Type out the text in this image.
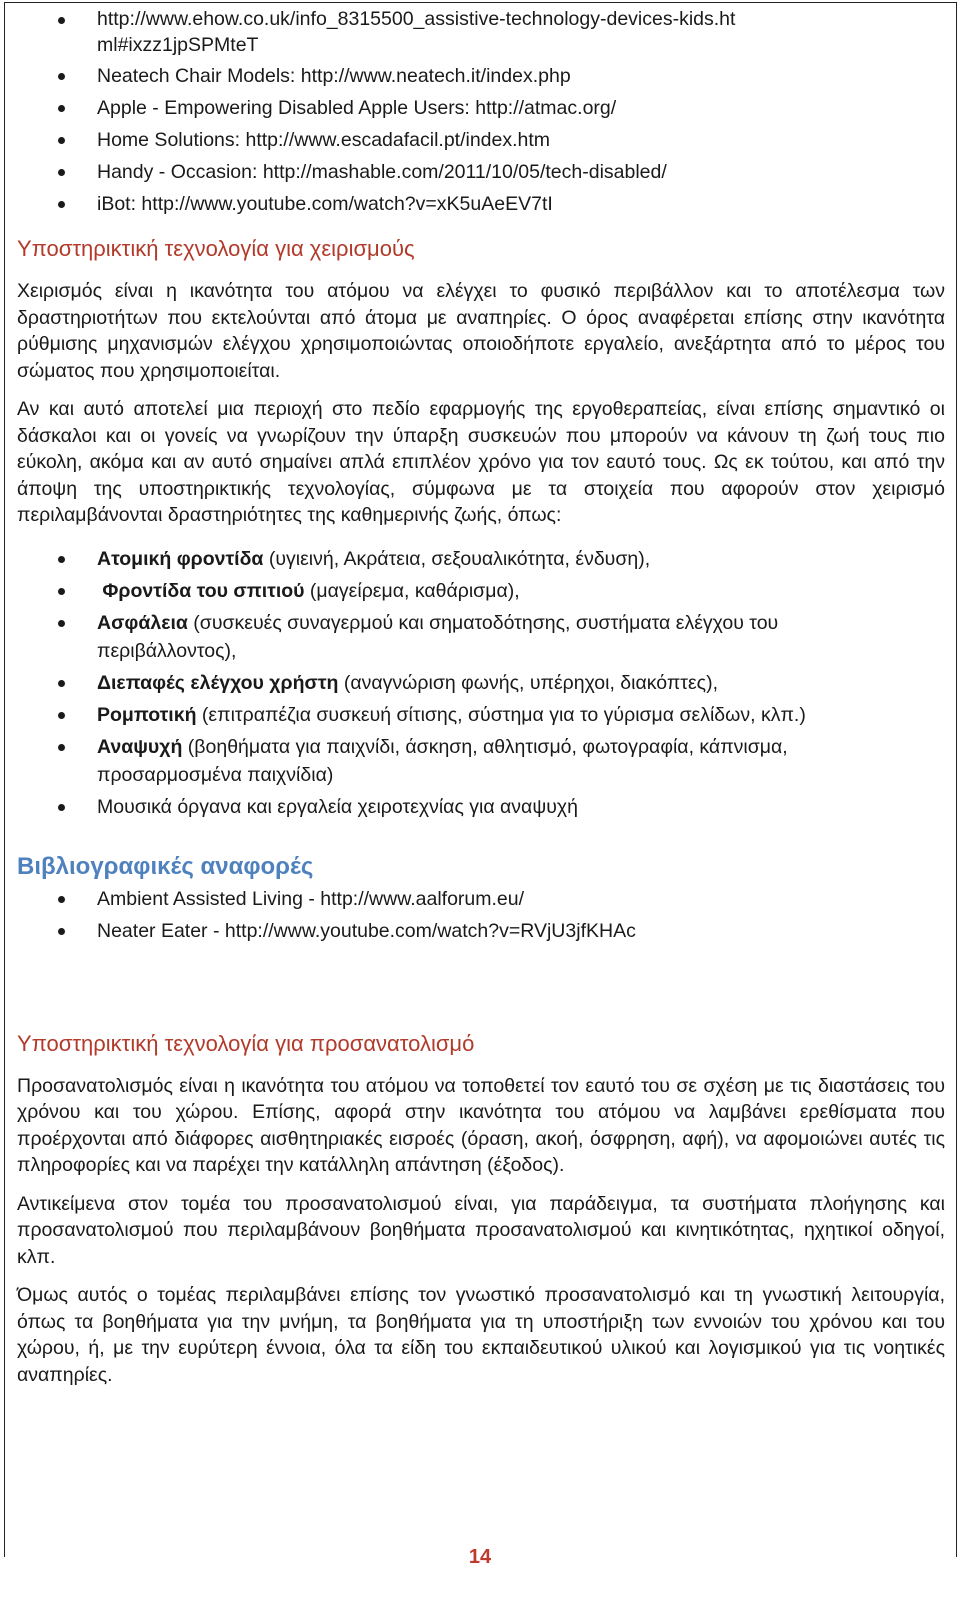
http://www.ehow.co.uk/info_8315500_assistive-technology-devices-kids.html#ixzz1jpSPMteT
Neatech Chair Models: http://www.neatech.it/index.php
Apple - Empowering Disabled Apple Users: http://atmac.org/
Home Solutions: http://www.escadafacil.pt/index.htm
Handy - Occasion: http://mashable.com/2011/10/05/tech-disabled/
iBot: http://www.youtube.com/watch?v=xK5uAeEV7tI
Υποστηρικτική τεχνολογία για χειρισμούς

Χειρισμός είναι η ικανότητα του ατόμου να ελέγχει το φυσικό περιβάλλον και το αποτέλεσμα των δραστηριοτήτων που εκτελούνται από άτομα με αναπηρίες. Ο όρος αναφέρεται επίσης στην ικανότητα ρύθμισης μηχανισμών ελέγχου χρησιμοποιώντας οποιοδήποτε εργαλείο, ανεξάρτητα από το μέρος του σώματος που χρησιμοποιείται.

Αν και αυτό αποτελεί μια περιοχή στο πεδίο εφαρμογής της εργοθεραπείας, είναι επίσης σημαντικό οι δάσκαλοι και οι γονείς να γνωρίζουν την ύπαρξη συσκευών που μπορούν να κάνουν τη ζωή τους πιο εύκολη, ακόμα και αν αυτό σημαίνει απλά επιπλέον χρόνο για τον εαυτό τους. Ως εκ τούτου, και από την άποψη της υποστηρικτικής τεχνολογίας, σύμφωνα με τα στοιχεία που αφορούν στον χειρισμό περιλαμβάνονται δραστηριότητες της καθημερινής ζωής, όπως:

Ατομική φροντίδα (υγιεινή, Ακράτεια, σεξουαλικότητα, ένδυση),
Φροντίδα του σπιτιού (μαγείρεμα, καθάρισμα),
Ασφάλεια (συσκευές συναγερμού και σηματοδότησης, συστήματα ελέγχου του περιβάλλοντος),
Διεπαφές ελέγχου χρήστη (αναγνώριση φωνής, υπέρηχοι, διακόπτες),
Ρομποτική (επιτραπέζια συσκευή σίτισης, σύστημα για το γύρισμα σελίδων, κλπ.)
Αναψυχή (βοηθήματα για παιχνίδι, άσκηση, αθλητισμό, φωτογραφία, κάπνισμα, προσαρμοσμένα παιχνίδια)
Μουσικά όργανα και εργαλεία χειροτεχνίας για αναψυχή
Βιβλιογραφικές αναφορές
Ambient Assisted Living - http://www.aalforum.eu/
Neater Eater - http://www.youtube.com/watch?v=RVjU3jfKHAc
Υποστηρικτική τεχνολογία για προσανατολισμό

Προσανατολισμός είναι η ικανότητα του ατόμου να τοποθετεί τον εαυτό του σε σχέση με τις διαστάσεις του χρόνου και του χώρου. Επίσης, αφορά στην ικανότητα του ατόμου να λαμβάνει ερεθίσματα που προέρχονται από διάφορες αισθητηριακές εισροές (όραση, ακοή, όσφρηση, αφή), να αφομοιώνει αυτές τις πληροφορίες και να παρέχει την κατάλληλη απάντηση (έξοδος).

Αντικείμενα στον τομέα του προσανατολισμού είναι, για παράδειγμα, τα συστήματα πλοήγησης και προσανατολισμού που περιλαμβάνουν βοηθήματα προσανατολισμού και κινητικότητας, ηχητικοί οδηγοί, κλπ.

Όμως αυτός ο τομέας περιλαμβάνει επίσης τον γνωστικό προσανατολισμό και τη γνωστική λειτουργία, όπως τα βοηθήματα για την μνήμη, τα βοηθήματα για τη υποστήριξη των εννοιών του χρόνου και του χώρου, ή, με την ευρύτερη έννοια, όλα τα είδη του εκπαιδευτικού υλικού και λογισμικού για τις νοητικές αναπηρίες.

14
